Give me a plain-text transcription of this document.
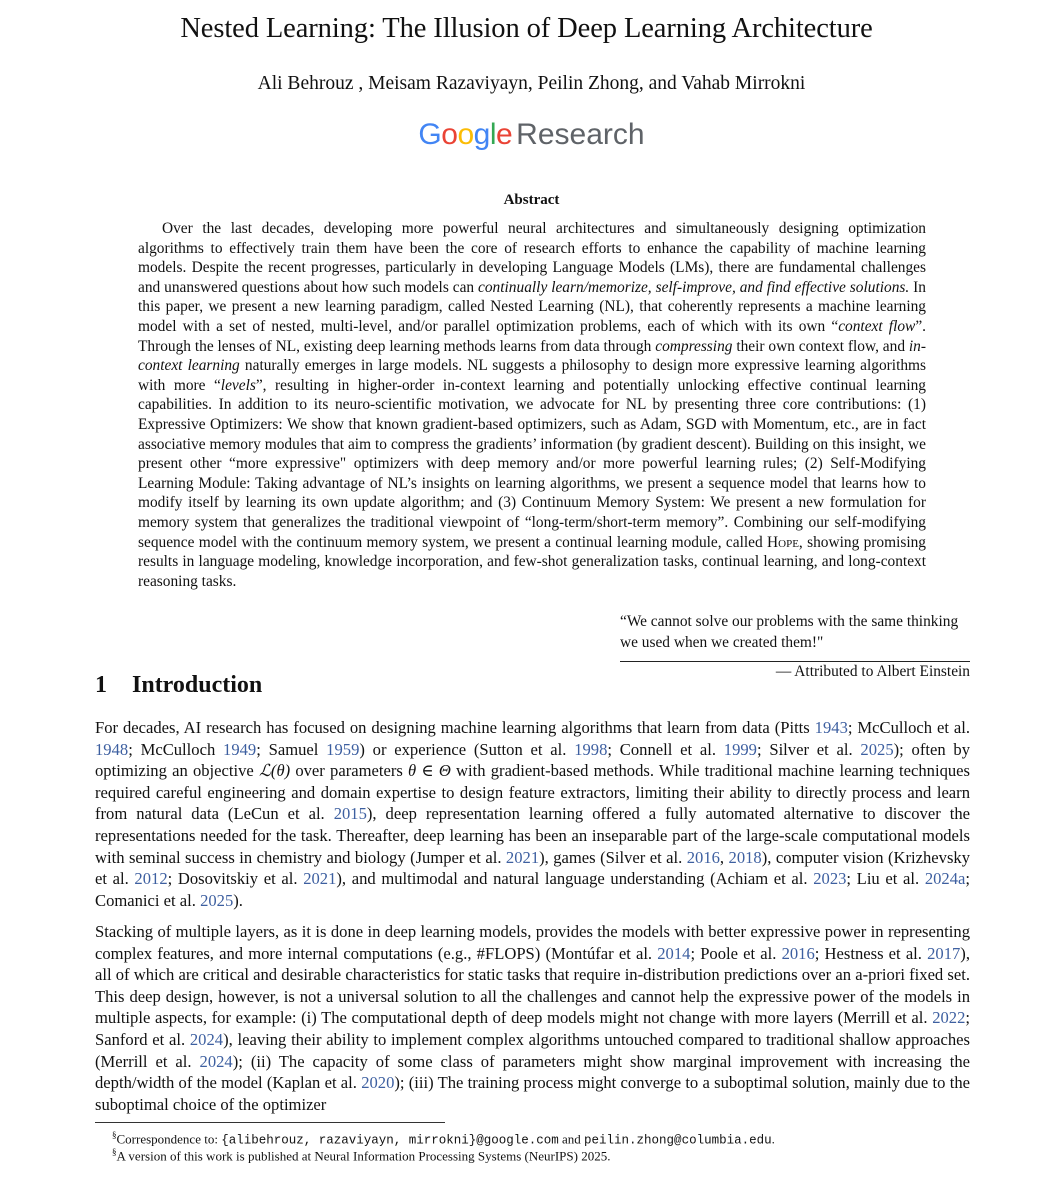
Nested Learning: The Illusion of Deep Learning Architecture
Ali Behrouz , Meisam Razaviyayn, Peilin Zhong, and Vahab Mirrokni
Google Research
Abstract
Over the last decades, developing more powerful neural architectures and simultaneously designing optimization algorithms to effectively train them have been the core of research efforts to enhance the capability of machine learning models. Despite the recent progresses, particularly in developing Language Models (LMs), there are fundamental challenges and unanswered questions about how such models can continually learn/memorize, self-improve, and find effective solutions. In this paper, we present a new learning paradigm, called Nested Learning (NL), that coherently represents a machine learning model with a set of nested, multi-level, and/or parallel optimization problems, each of which with its own “context flow”. Through the lenses of NL, existing deep learning methods learns from data through compressing their own context flow, and in-context learning naturally emerges in large models. NL suggests a philosophy to design more expressive learning algorithms with more “levels”, resulting in higher-order in-context learning and potentially unlocking effective continual learning capabilities. In addition to its neuro-scientific motivation, we advocate for NL by presenting three core contributions: (1) Expressive Optimizers: We show that known gradient-based optimizers, such as Adam, SGD with Momentum, etc., are in fact associative memory modules that aim to compress the gradients’ information (by gradient descent). Building on this insight, we present other “more expressive" optimizers with deep memory and/or more powerful learning rules; (2) Self-Modifying Learning Module: Taking advantage of NL’s insights on learning algorithms, we present a sequence model that learns how to modify itself by learning its own update algorithm; and (3) Continuum Memory System: We present a new formulation for memory system that generalizes the traditional viewpoint of “long-term/short-term memory”. Combining our self-modifying sequence model with the continuum memory system, we present a continual learning module, called Hope, showing promising results in language modeling, knowledge incorporation, and few-shot generalization tasks, continual learning, and long-context reasoning tasks.
“We cannot solve our problems with the same thinking we used when we created them!"
— Attributed to Albert Einstein
1 Introduction
For decades, AI research has focused on designing machine learning algorithms that learn from data (Pitts 1943; McCulloch et al. 1948; McCulloch 1949; Samuel 1959) or experience (Sutton et al. 1998; Connell et al. 1999; Silver et al. 2025); often by optimizing an objective ℒ(θ) over parameters θ ∈ Θ with gradient-based methods. While traditional machine learning techniques required careful engineering and domain expertise to design feature extractors, limiting their ability to directly process and learn from natural data (LeCun et al. 2015), deep representation learning offered a fully automated alternative to discover the representations needed for the task. Thereafter, deep learning has been an inseparable part of the large-scale computational models with seminal success in chemistry and biology (Jumper et al. 2021), games (Silver et al. 2016, 2018), computer vision (Krizhevsky et al. 2012; Dosovitskiy et al. 2021), and multimodal and natural language understanding (Achiam et al. 2023; Liu et al. 2024a; Comanici et al. 2025).
Stacking of multiple layers, as it is done in deep learning models, provides the models with better expressive power in representing complex features, and more internal computations (e.g., #FLOPS) (Montúfar et al. 2014; Poole et al. 2016; Hestness et al. 2017), all of which are critical and desirable characteristics for static tasks that require in-distribution predictions over an a-priori fixed set. This deep design, however, is not a universal solution to all the challenges and cannot help the expressive power of the models in multiple aspects, for example: (i) The computational depth of deep models might not change with more layers (Merrill et al. 2022; Sanford et al. 2024), leaving their ability to implement complex algorithms untouched compared to traditional shallow approaches (Merrill et al. 2024); (ii) The capacity of some class of parameters might show marginal improvement with increasing the depth/width of the model (Kaplan et al. 2020); (iii) The training process might converge to a suboptimal solution, mainly due to the suboptimal choice of the optimizer
§Correspondence to: {alibehrouz, razaviyayn, mirrokni}@google.com and peilin.zhong@columbia.edu.
§A version of this work is published at Neural Information Processing Systems (NeurIPS) 2025.
